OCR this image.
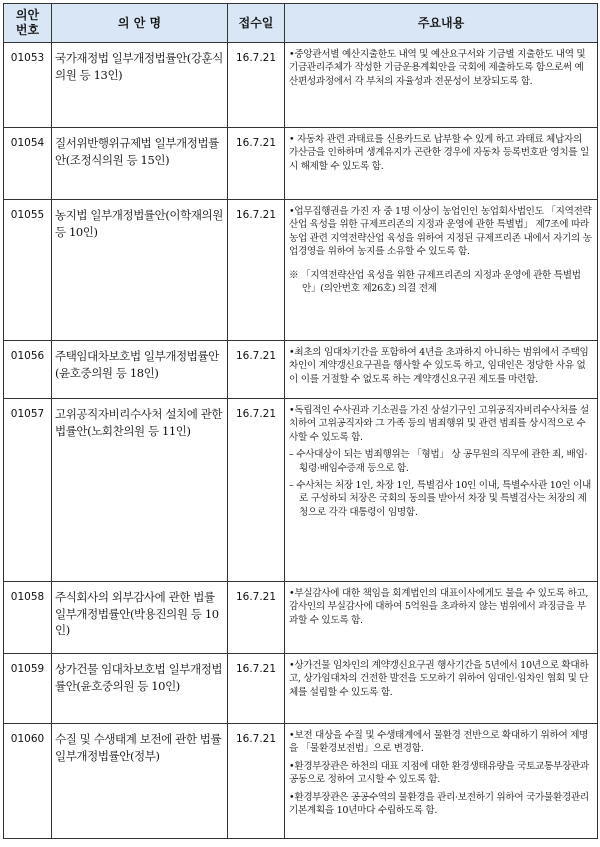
의안
번호	의 안 명	접수일	주요내용
01053	국가재정법 일부개정법률안(강훈식의원 등 13인)	16.7.21	•중앙관서별 예산지출한도 내역 및 예산요구서와 기금별 지출한도 내역 및 기금관리주체가 작성한 기금운용계획안을 국회에 제출하도록 함으로써 예산편성과정에서 각 부처의 자율성과 전문성이 보장되도록 함.

01054	질서위반행위규제법 일부개정법률안(조정식의원 등 15인)	16.7.21	• 자동차 관련 과태료를 신용카드로 납부할 수 있게 하고 과태료 체납자의 가산금을 인하하며 생계유지가 곤란한 경우에 자동차 등록번호판 영치를 일시 해제할 수 있도록 함.

01055	농지법 일부개정법률안(이학재의원 등 10인)	16.7.21	•업무집행권을 가진 자 중 1명 이상이 농업인인 농업회사법인도 「지역전략산업 육성을 위한 규제프리존의 지정과 운영에 관한 특별법」 제7조에 따라 농업 관련 지역전략산업 육성을 위하여 지정된 규제프리존 내에서 자기의 농업경영을 위하여 농지를 소유할 수 있도록 함.
※ 「지역전략산업 육성을 위한 규제프리존의 지정과 운영에 관한 특별법안」(의안번호 제26호) 의결 전제

01056	주택임대차보호법 일부개정법률안(윤호중의원 등 18인)	16.7.21	•최초의 임대차기간을 포함하여 4년을 초과하지 아니하는 범위에서 주택임차인이 계약갱신요구권을 행사할 수 있도록 하고, 임대인은 정당한 사유 없이 이를 거절할 수 없도록 하는 계약갱신요구권 제도를 마련함.

01057	고위공직자비리수사처 설치에 관한 법률안(노회찬의원 등 11인)	16.7.21	•독립적인 수사권과 기소권을 가진 상설기구인 고위공직자비리수사처를 설치하여 고위공직자와 그 가족 등의 범죄행위 및 관련 범죄를 상시적으로 수사할 수 있도록 함.
– 수사대상이 되는 범죄행위는 「형법」 상 공무원의 직무에 관한 죄, 배임·횡령·배임수증재 등으로 함.
– 수사처는 처장 1인, 차장 1인, 특별검사 10인 이내, 특별수사관 10인 이내로 구성하되 처장은 국회의 동의를 받아서 차장 및 특별검사는 처장의 제청으로 각각 대통령이 임명함.

01058	주식회사의 외부감사에 관한 법률 일부개정법률안(박용진의원 등 10인)	16.7.21	•부실감사에 대한 책임을 회계법인의 대표이사에게도 물을 수 있도록 하고, 감사인의 부실감사에 대하여 5억원을 초과하지 않는 범위에서 과징금을 부과할 수 있도록 함.

01059	상가건물 임대차보호법 일부개정법률안(윤호중의원 등 10인)	16.7.21	•상가건물 임차인의 계약갱신요구권 행사기간을 5년에서 10년으로 확대하고, 상가임대차의 건전한 발전을 도모하기 위하여 임대인·임차인 협회 및 단체를 설립할 수 있도록 함.

01060	수질 및 수생태계 보전에 관한 법률 일부개정법률안(정부)	16.7.21	•보전 대상을 수질 및 수생태계에서 물환경 전반으로 확대하기 위하여 제명을 「물환경보전법」으로 변경함.
•환경부장관은 하천의 대표 지점에 대한 환경생태유량을 국토교통부장관과 공동으로 정하여 고시할 수 있도록 함.
•환경부장관은 공공수역의 물환경을 관리·보전하기 위하여 국가물환경관리기본계획을 10년마다 수립하도록 함.
